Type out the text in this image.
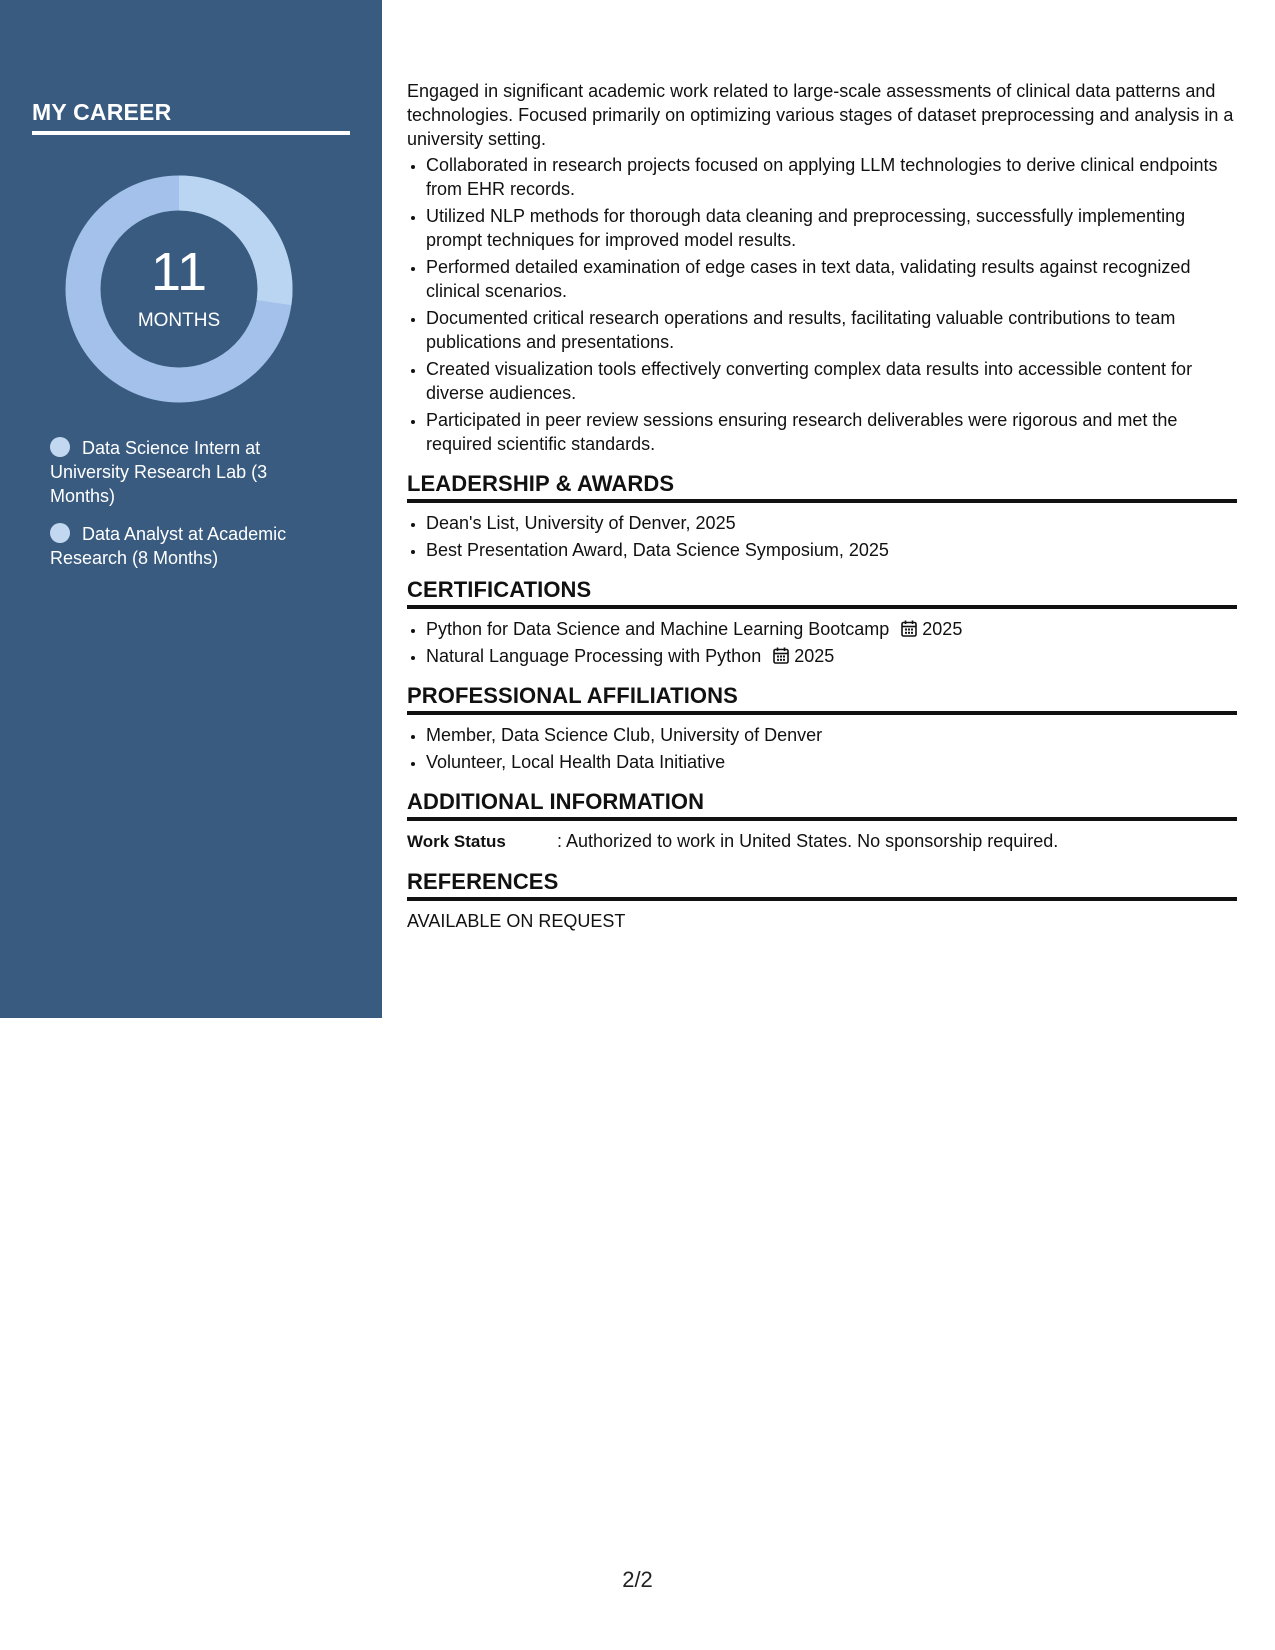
MY CAREER
11
MONTHS
Data Science Intern at University Research Lab (3 Months)
Data Analyst at Academic Research (8 Months)

Engaged in significant academic work related to large-scale assessments of clinical data patterns and technologies. Focused primarily on optimizing various stages of dataset preprocessing and analysis in a university setting.

• Collaborated in research projects focused on applying LLM technologies to derive clinical endpoints from EHR records.
• Utilized NLP methods for thorough data cleaning and preprocessing, successfully implementing prompt techniques for improved model results.
• Performed detailed examination of edge cases in text data, validating results against recognized clinical scenarios.
• Documented critical research operations and results, facilitating valuable contributions to team publications and presentations.
• Created visualization tools effectively converting complex data results into accessible content for diverse audiences.
• Participated in peer review sessions ensuring research deliverables were rigorous and met the required scientific standards.
LEADERSHIP & AWARDS
• Dean's List, University of Denver, 2025
• Best Presentation Award, Data Science Symposium, 2025
CERTIFICATIONS
• Python for Data Science and Machine Learning Bootcamp 2025
• Natural Language Processing with Python 2025
PROFESSIONAL AFFILIATIONS
• Member, Data Science Club, University of Denver
• Volunteer, Local Health Data Initiative
ADDITIONAL INFORMATION
Work Status	: Authorized to work in United States. No sponsorship required.
REFERENCES
AVAILABLE ON REQUEST
2/2
